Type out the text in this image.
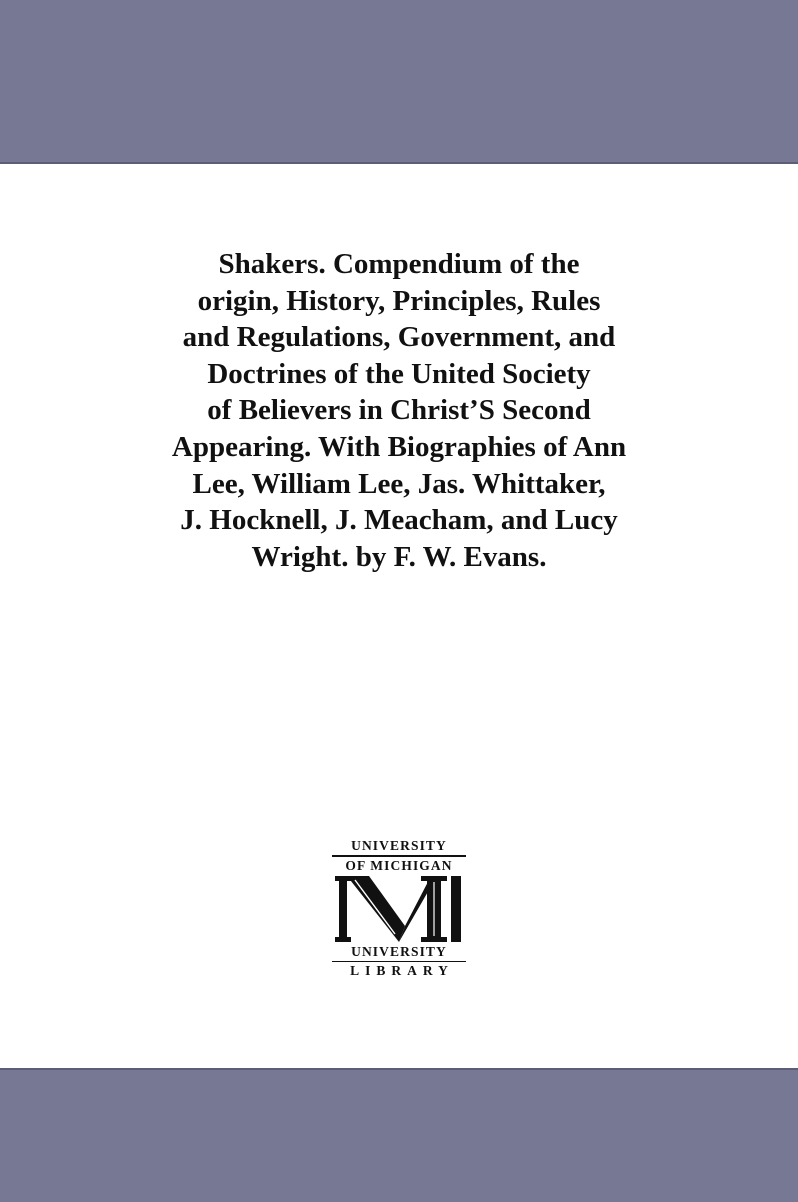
Shakers. Compendium of the
origin, History, Principles, Rules
and Regulations, Government, and
Doctrines of the United Society
of Believers in Christ’S Second
Appearing. With Biographies of Ann
Lee, William Lee, Jas. Whittaker,
J. Hocknell, J. Meacham, and Lucy
Wright. by F. W. Evans.
UNIVERSITY
OF MICHIGAN
UNIVERSITY
LIBRARY
